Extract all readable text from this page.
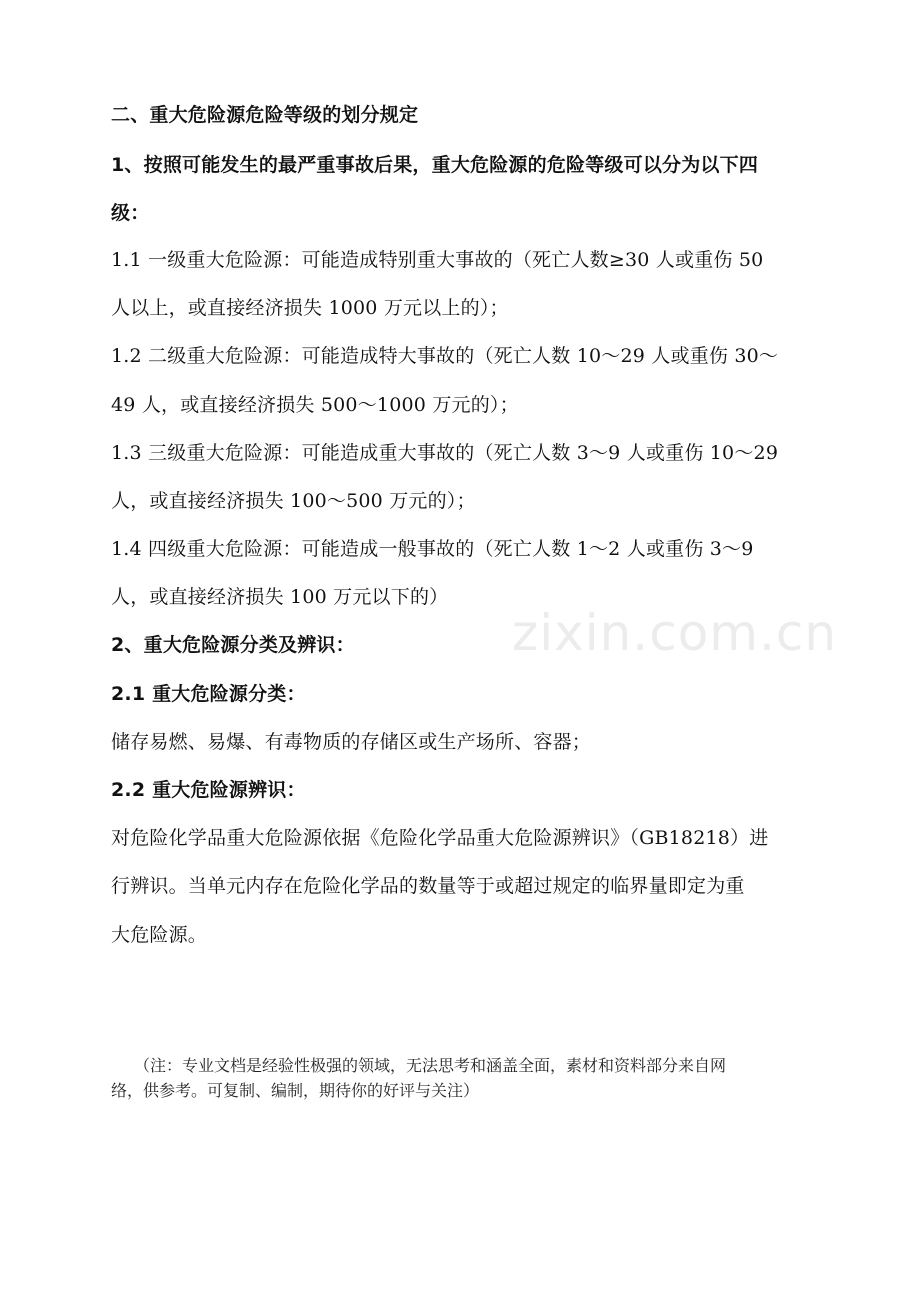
zixin.com.cn
二、重大危险源危险等级的划分规定
1、按照可能发生的最严重事故后果，重大危险源的危险等级可以分为以下四
级：
1.1 一级重大危险源：可能造成特别重大事故的（死亡人数≥30 人或重伤 50
人以上，或直接经济损失 1000 万元以上的）；
1.2 二级重大危险源：可能造成特大事故的（死亡人数 10～29 人或重伤 30～
49 人，或直接经济损失 500～1000 万元的）；
1.3 三级重大危险源：可能造成重大事故的（死亡人数 3～9 人或重伤 10～29
人，或直接经济损失 100～500 万元的）；
1.4 四级重大危险源：可能造成一般事故的（死亡人数 1～2 人或重伤 3～9
人，或直接经济损失 100 万元以下的）
2、重大危险源分类及辨识：
2.1 重大危险源分类：
储存易燃、易爆、有毒物质的存储区或生产场所、容器；
2.2 重大危险源辨识：
对危险化学品重大危险源依据《危险化学品重大危险源辨识》（GB18218）进
行辨识。当单元内存在危险化学品的数量等于或超过规定的临界量即定为重
大危险源。
（注：专业文档是经验性极强的领域，无法思考和涵盖全面，素材和资料部分来自网
络，供参考。可复制、编制，期待你的好评与关注）
